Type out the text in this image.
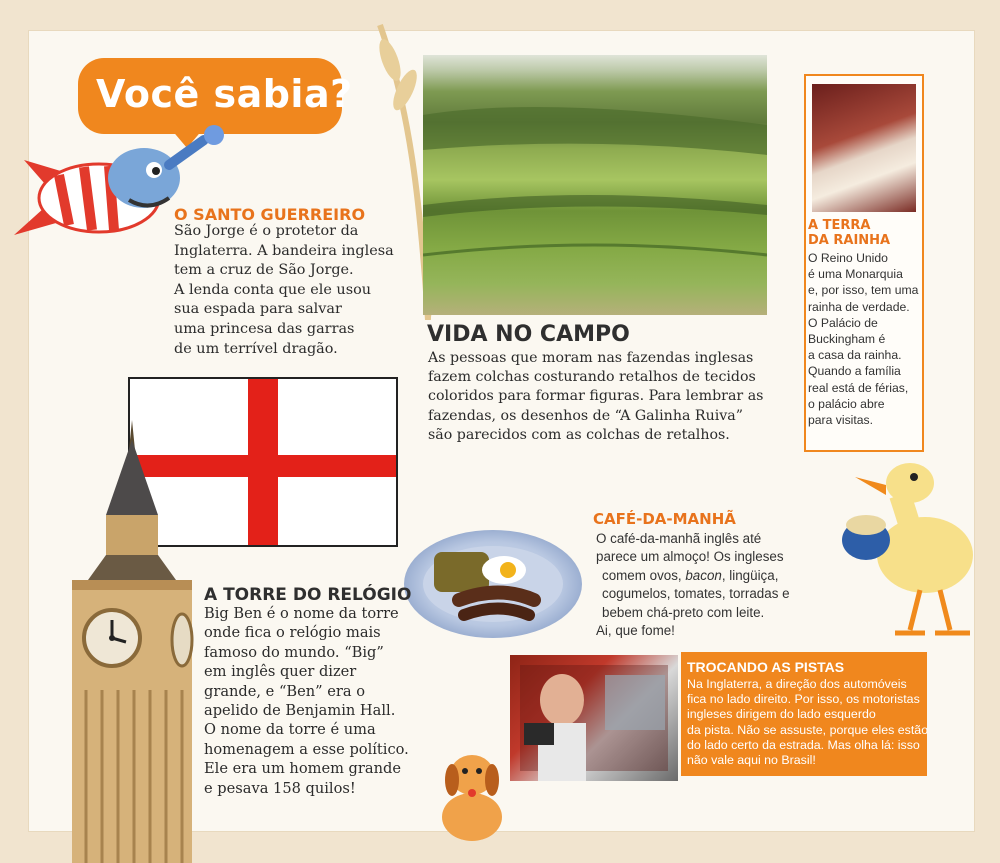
Você sabia?
O SANTO GUERREIRO
São Jorge é o protetor da
Inglaterra. A bandeira inglesa
tem a cruz de São Jorge.
A lenda conta que ele usou
sua espada para salvar
uma princesa das garras
de um terrível dragão.
VIDA NO CAMPO
As pessoas que moram nas fazendas inglesas
fazem colchas costurando retalhos de tecidos
coloridos para formar figuras. Para lembrar as
fazendas, os desenhos de “A Galinha Ruiva”
são parecidos com as colchas de retalhos.
A TERRA
DA RAINHA
O Reino Unido
é uma Monarquia
e, por isso, tem uma
rainha de verdade.
O Palácio de
Buckingham é
a casa da rainha.
Quando a família
real está de férias,
o palácio abre
para visitas.
CAFÉ-DA-MANHÃ
O café-da-manhã inglês até
parece um almoço! Os ingleses
comem ovos, bacon, lingüiça,
cogumelos, tomates, torradas e
bebem chá-preto com leite.
Ai, que fome!
A TORRE DO RELÓGIO
Big Ben é o nome da torre
onde fica o relógio mais
famoso do mundo. “Big”
em inglês quer dizer
grande, e “Ben” era o
apelido de Benjamin Hall.
O nome da torre é uma
homenagem a esse político.
Ele era um homem grande
e pesava 158 quilos!
TROCANDO AS PISTAS
Na Inglaterra, a direção dos automóveis
fica no lado direito. Por isso, os motoristas
ingleses dirigem do lado esquerdo
da pista. Não se assuste, porque eles estão
do lado certo da estrada. Mas olha lá: isso
não vale aqui no Brasil!
